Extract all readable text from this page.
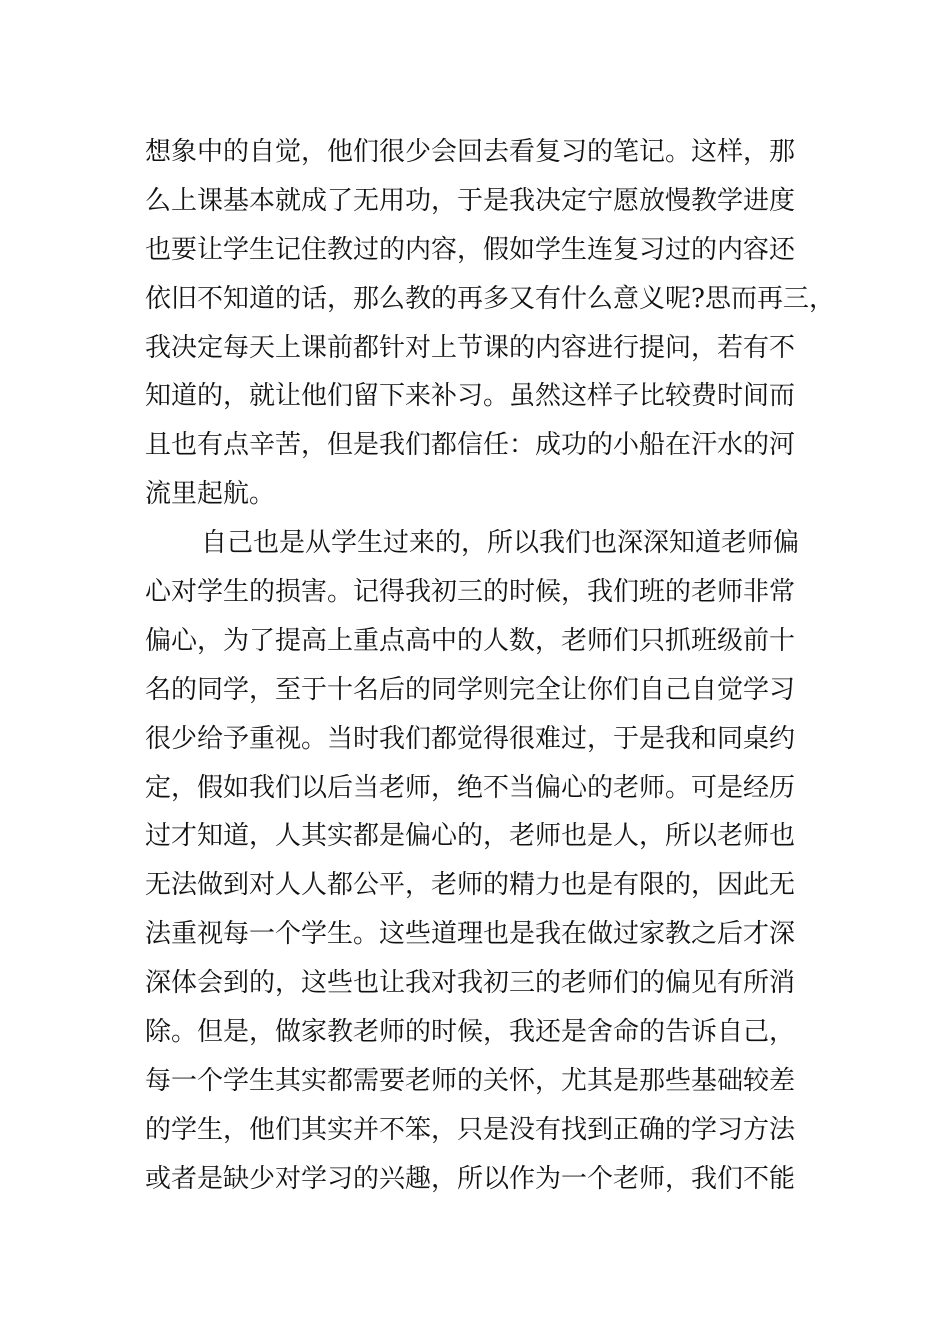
想象中的自觉，他们很少会回去看复习的笔记。这样，那
么上课基本就成了无用功，于是我决定宁愿放慢教学进度
也要让学生记住教过的内容，假如学生连复习过的内容还
依旧不知道的话，那么教的再多又有什么意义呢?思而再三，
我决定每天上课前都针对上节课的内容进行提问，若有不
知道的，就让他们留下来补习。虽然这样子比较费时间而
且也有点辛苦，但是我们都信任：成功的小船在汗水的河
流里起航。
自己也是从学生过来的，所以我们也深深知道老师偏
心对学生的损害。记得我初三的时候，我们班的老师非常
偏心，为了提高上重点高中的人数，老师们只抓班级前十
名的同学，至于十名后的同学则完全让你们自己自觉学习
很少给予重视。当时我们都觉得很难过，于是我和同桌约
定，假如我们以后当老师，绝不当偏心的老师。可是经历
过才知道，人其实都是偏心的，老师也是人，所以老师也
无法做到对人人都公平，老师的精力也是有限的，因此无
法重视每一个学生。这些道理也是我在做过家教之后才深
深体会到的，这些也让我对我初三的老师们的偏见有所消
除。但是，做家教老师的时候，我还是舍命的告诉自己，
每一个学生其实都需要老师的关怀，尤其是那些基础较差
的学生，他们其实并不笨，只是没有找到正确的学习方法
或者是缺少对学习的兴趣，所以作为一个老师，我们不能
